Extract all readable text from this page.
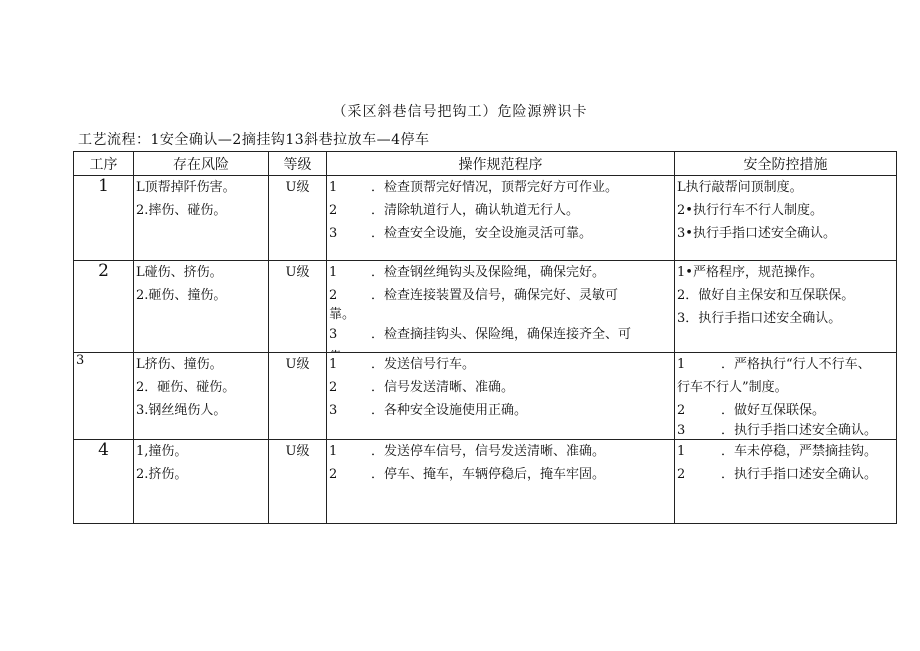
（采区斜巷信号把钩工）危险源辨识卡
工艺流程：1安全确认—2摘挂钩13斜巷拉放车—4停车
工序	存在风险	等级	操作规范程序	安全防控措施
1	L顶帮掉阡伤害。
2.摔伤、碰伤。	U级	1 ．检查顶帮完好情况，顶帮完好方可作业。
2 ．清除轨道行人，确认轨道无行人。
3 ．检查安全设施，安全设施灵活可靠。	L执行敲帮问顶制度。
2•执行行车不行人制度。
3•执行手指口述安全确认。

2	L碰伤、挤伤。
2.砸伤、撞伤。	U级	1 ．检查钢丝绳钩头及保险绳，确保完好。
2 ．检查连接装置及信号，确保完好、灵敏可
靠。
3 ．检查摘挂钩头、保险绳，确保连接齐全、可	1•严格程序，规范操作。
2．做好自主保安和互保联保。
3．执行手指口述安全确认。

3	L挤伤、撞伤。
2．砸伤、碰伤。
3.钢丝绳伤人。	U级	1 ．发送信号行车。
2 ．信号发送清晰、准确。
3 ．各种安全设施使用正确。	1 ．严格执行“行人不行车、
行车不行人”制度。
2 ．做好互保联保。
3 ．执行手指口述安全确认。

4	1,撞伤。
2.挤伤。	U级	1 ．发送停车信号，信号发送清晰、准确。
2 ．停车、掩车，车辆停稳后，掩车牢固。	1 ．车未停稳，严禁摘挂钩。
2 ．执行手指口述安全确认。
